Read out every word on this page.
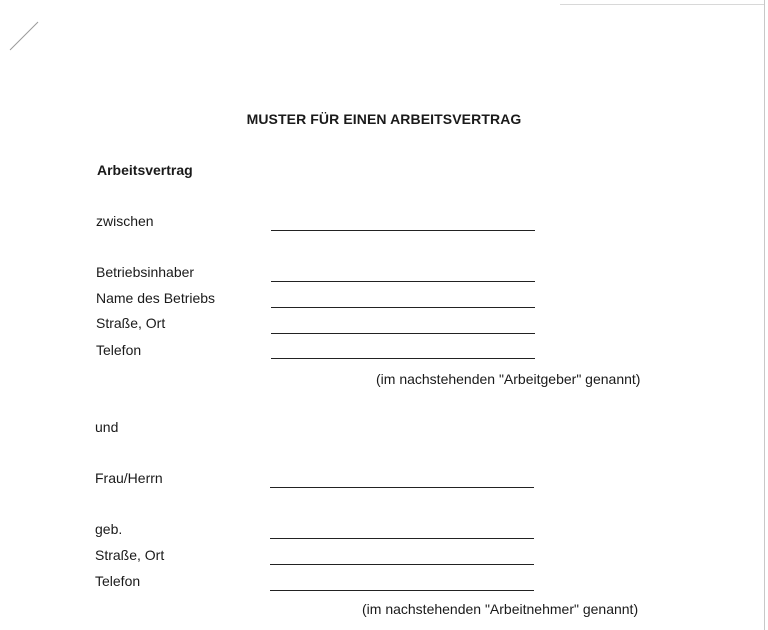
MUSTER FÜR EINEN ARBEITSVERTRAG
Arbeitsvertrag
zwischen
Betriebsinhaber
Name des Betriebs
Straße, Ort
Telefon
(im nachstehenden "Arbeitgeber" genannt)
und
Frau/Herrn
geb.
Straße, Ort
Telefon
(im nachstehenden "Arbeitnehmer" genannt)
